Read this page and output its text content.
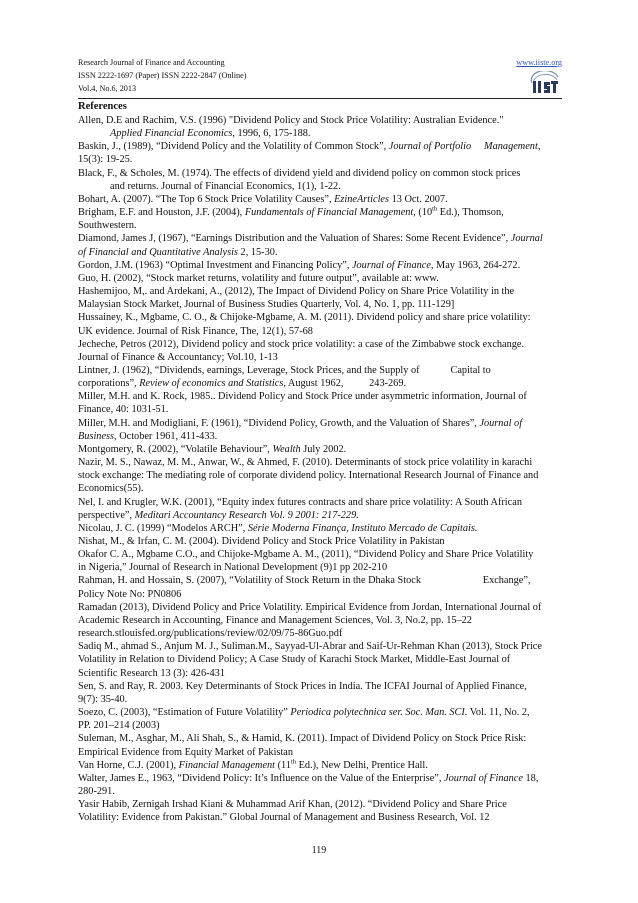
Research Journal of Finance and Accounting
ISSN 2222-1697 (Paper) ISSN 2222-2847 (Online)
Vol.4, No.6, 2013
www.iiste.org

References

Allen, D.E and Rachim, V.S. (1996) "Dividend Policy and Stock Price Volatility: Australian Evidence."

Applied Financial Economics, 1996, 6, 175-188.

Baskin, J., (1989), “Dividend Policy and the Volatility of Common Stock”, Journal of Portfolio     Management,

15(3): 19-25.

Black, F., & Scholes, M. (1974). The effects of dividend yield and dividend policy on common stock prices

and returns. Journal of Financial Economics, 1(1), 1-22.

Bohart, A. (2007). “The Top 6 Stock Price Volatility Causes”, EzineArticles 13 Oct. 2007.

Brigham, E.F. and Houston, J.F. (2004), Fundamentals of Financial Management, (10th Ed.), Thomson,

Southwestern.

Diamond, James J, (1967), “Earnings Distribution and the Valuation of Shares: Some Recent Evidence”, Journal

of Financial and Quantitative Analysis 2, 15-30.

Gordon, J.M. (1963) “Optimal Investment and Financing Policy”, Journal of Finance, May 1963, 264-272.

Guo, H. (2002), “Stock market returns, volatility and future output”, available at: www.

Hashemijoo, M,. and Ardekani, A., (2012), The Impact of Dividend Policy on Share Price Volatility in the

Malaysian Stock Market, Journal of Business Studies Quarterly, Vol. 4, No. 1, pp. 111-129]

Hussainey, K., Mgbame, C. O., & Chijoke-Mgbame, A. M. (2011). Dividend policy and share price volatility:

UK evidence. Journal of Risk Finance, The, 12(1), 57-68

Jecheche, Petros (2012), Dividend policy and stock price volatility: a case of the Zimbabwe stock exchange.

Journal of Finance & Accountancy; Vol.10, 1-13

Lintner, J. (1962), “Dividends, earnings, Leverage, Stock Prices, and the Supply of            Capital to

corporations”, Review of economics and Statistics, August 1962,          243-269.

Miller, M.H. and K. Rock, 1985.. Dividend Policy and Stock Price under asymmetric information, Journal of

Finance, 40: 1031-51.

Miller, M.H. and Modigliani, F. (1961), “Dividend Policy, Growth, and the Valuation of Shares”, Journal of

Business, October 1961, 411-433.

Montgomery, R. (2002), “Volatile Behaviour”, Wealth July 2002.

Nazir, M. S., Nawaz, M. M., Anwar, W., & Ahmed, F. (2010). Determinants of stock price volatility in karachi

stock exchange: The mediating role of corporate dividend policy. International Research Journal of Finance and

Economics(55).

Nel, I. and Krugler, W.K. (2001), “Equity index futures contracts and share price volatility: A South African

perspective”, Meditari Accountancy Research Vol. 9 2001: 217-229.

Nicolau, J. C. (1999) “Modelos ARCH”, Série Moderna Finança, Instituto Mercado de Capitais.

Nishat, M., & Irfan, C. M. (2004). Dividend Policy and Stock Price Volatility in Pakistan

Okafor C. A., Mgbame C.O., and Chijoke-Mgbame A. M., (2011), “Dividend Policy and Share Price Volatility

in Nigeria,” Journal of Research in National Development (9)1 pp 202-210

Rahman, H. and Hossain, S. (2007), “Volatility of Stock Return in the Dhaka Stock                        Exchange”,

Policy Note No: PN0806

Ramadan (2013), Dividend Policy and Price Volatility. Empirical Evidence from Jordan, International Journal of

Academic Research in Accounting, Finance and Management Sciences, Vol. 3, No.2, pp. 15–22

research.stlouisfed.org/publications/review/02/09/75-86Guo.pdf

Sadiq M., ahmad S., Anjum M. J., Suliman.M., Sayyad-Ul-Abrar and Saif-Ur-Rehman Khan (2013), Stock Price

Volatility in Relation to Dividend Policy; A Case Study of Karachi Stock Market, Middle-East Journal of

Scientific Research 13 (3): 426-431

Sen, S. and Ray, R. 2003. Key Determinants of Stock Prices in India. The ICFAI Journal of Applied Finance,

9(7): 35-40.

Soezo, C. (2003), “Estimation of Future Volatility” Periodica polytechnica ser. Soc. Man. SCI. Vol. 11, No. 2,

PP. 201–214 (2003)

Suleman, M., Asghar, M., Ali Shah, S., & Hamid, K. (2011). Impact of Dividend Policy on Stock Price Risk:

Empirical Evidence from Equity Market of Pakistan

Van Horne, C.J. (2001), Financial Management (11th Ed.), New Delhi, Prentice Hall.

Walter, James E., 1963, “Dividend Policy: It’s Influence on the Value of the Enterprise”, Journal of Finance 18,

280-291.

Yasir Habib, Zernigah Irshad Kiani & Muhammad Arif Khan, (2012). “Dividend Policy and Share Price

Volatility: Evidence from Pakistan.” Global Journal of Management and Business Research, Vol. 12

119
